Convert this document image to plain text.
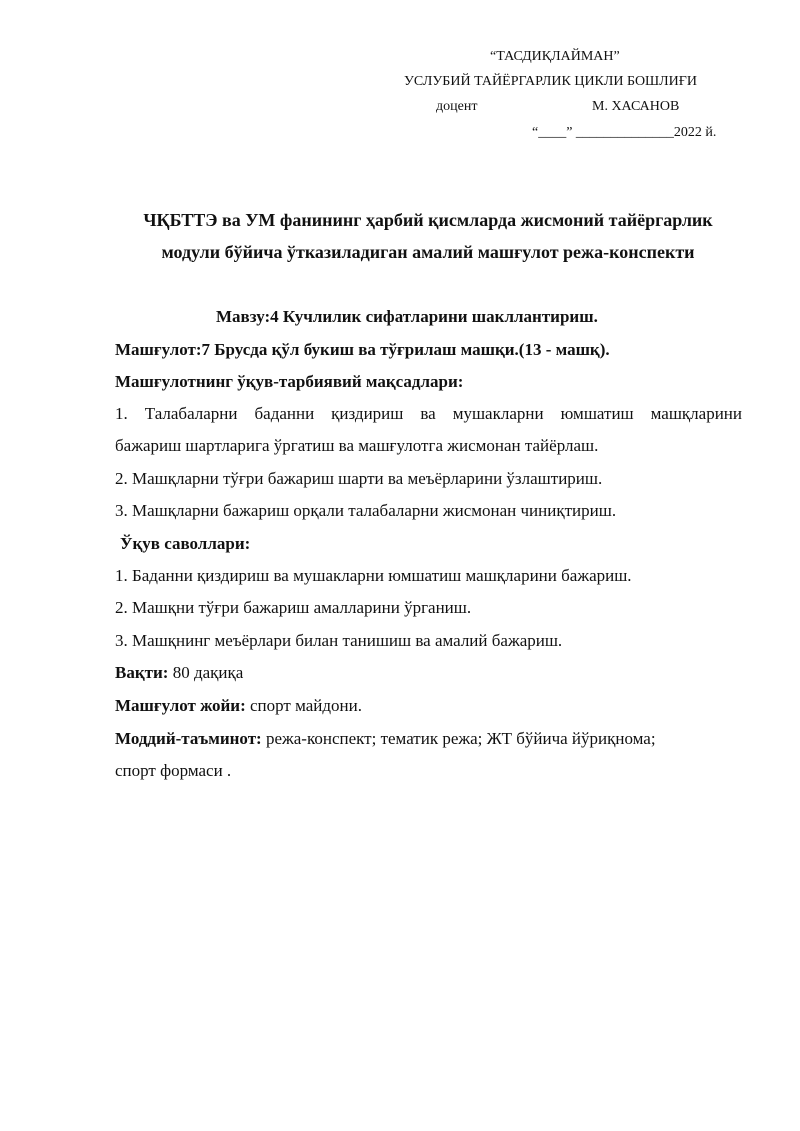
“ТАСДИҚЛАЙМАН”
УСЛУБИЙ ТАЙЁРГАРЛИК ЦИКЛИ БОШЛИҒИ
доцент	М. ХАСАНОВ
“____” ______________2022 й.
ЧҚБТТЭ ва УМ фанининг ҳарбий қисмларда жисмоний тайёргарлик
модули бўйича ўтказиладиган амалий машғулот режа-конспекти
Мавзу:4 Кучлилик сифатларини шакллантириш.
Машғулот:7 Брусда қўл букиш ва тўғрилаш машқи.(13 - машқ).
Машғулотнинг ўқув-тарбиявий мақсадлари:
1. Талабаларни баданни қиздириш ва мушакларни юмшатиш машқларини
бажариш шартларига ўргатиш ва машғулотга жисмонан тайёрлаш.
2. Машқларни тўғри бажариш шарти ва меъёрларини ўзлаштириш.
3. Машқларни бажариш орқали талабаларни жисмонан чиниқтириш.
Ўқув саволлари:
1. Баданни қиздириш ва мушакларни юмшатиш машқларини бажариш.
2. Машқни тўғри бажариш амалларини ўрганиш.
3. Машқнинг меъёрлари билан танишиш ва амалий бажариш.
Вақти: 80 дақиқа
Машғулот жойи: спорт майдони.
Моддий-таъминот: режа-конспект; тематик режа; ЖТ бўйича йўриқнома;
спорт формаси .
